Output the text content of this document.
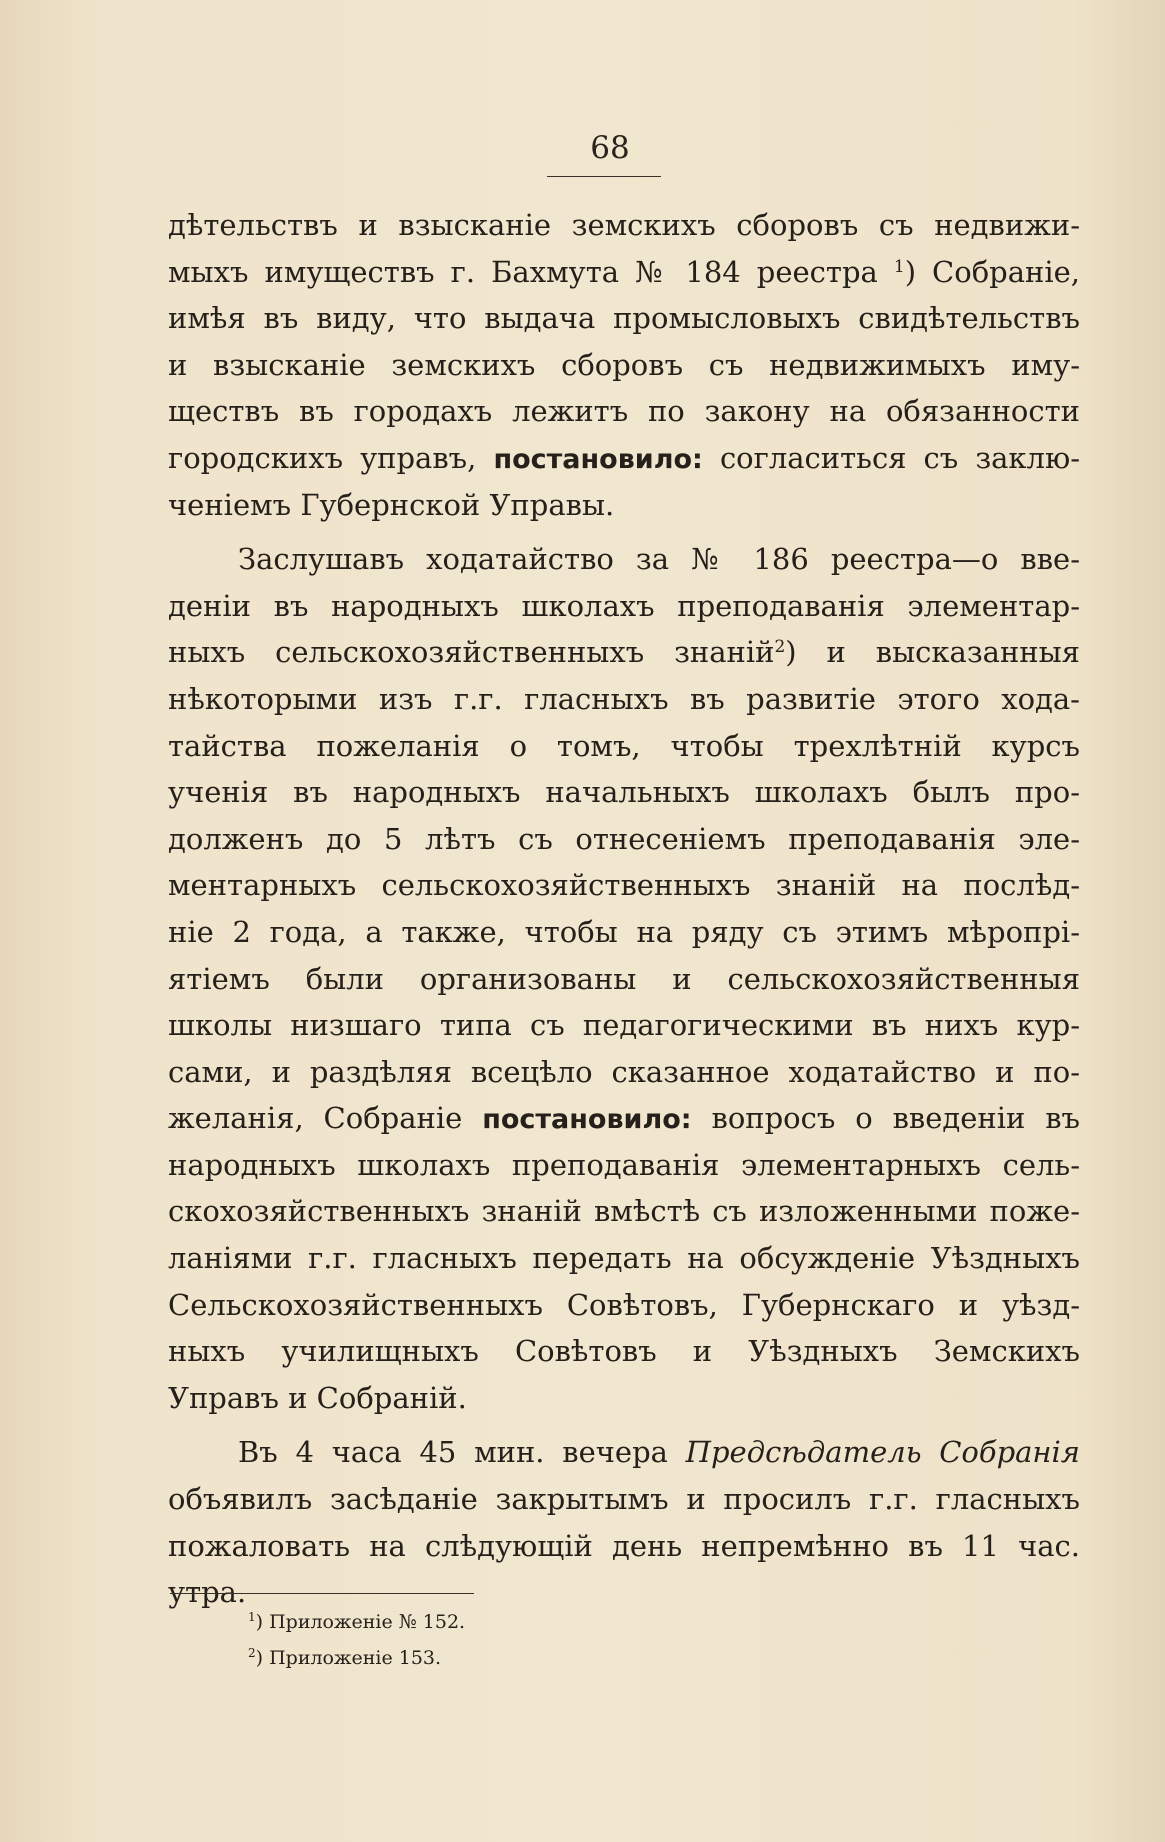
68
дѣтельствъ и взысканіе земскихъ сборовъ съ недвижи-
мыхъ имуществъ г. Бахмута № 184 реестра $^1$) Собраніе,
имѣя въ виду, что выдача промысловыхъ свидѣтельствъ
и взысканіе земскихъ сборовъ съ недвижимыхъ иму-
ществъ въ городахъ лежитъ по закону на обязанности
городскихъ управъ, постановило: согласиться съ заклю-
ченіемъ Губернской Управы.
Заслушавъ ходатайство за № 186 реестра—о вве-
деніи въ народныхъ школахъ преподаванія элементар-
ныхъ сельскохозяйственныхъ знаній$^2$) и высказанныя
нѣкоторыми изъ г.г. гласныхъ въ развитіе этого хода-
тайства пожеланія о томъ, чтобы трехлѣтній курсъ
ученія въ народныхъ начальныхъ школахъ былъ про-
долженъ до 5 лѣтъ съ отнесеніемъ преподаванія эле-
ментарныхъ сельскохозяйственныхъ знаній на послѣд-
ніе 2 года, а также, чтобы на ряду съ этимъ мѣропрі-
ятіемъ были организованы и сельскохозяйственныя
школы низшаго типа съ педагогическими въ нихъ кур-
сами, и раздѣляя всецѣло сказанное ходатайство и по-
желанія, Собраніе постановило: вопросъ о введеніи въ
народныхъ школахъ преподаванія элементарныхъ сель-
скохозяйственныхъ знаній вмѣстѣ съ изложенными поже-
ланіями г.г. гласныхъ передать на обсужденіе Уѣздныхъ
Сельскохозяйственныхъ Совѣтовъ, Губернскаго и уѣзд-
ныхъ училищныхъ Совѣтовъ и Уѣздныхъ Земскихъ
Управъ и Собраній.
Въ 4 часа 45 мин. вечера Предсѣдатель Собранія
объявилъ засѣданіе закрытымъ и просилъ г.г. гласныхъ
пожаловать на слѣдующій день непремѣнно въ 11 час.
утра.
$^1$) Приложеніе № 152.
$^2$) Приложеніе 153.
